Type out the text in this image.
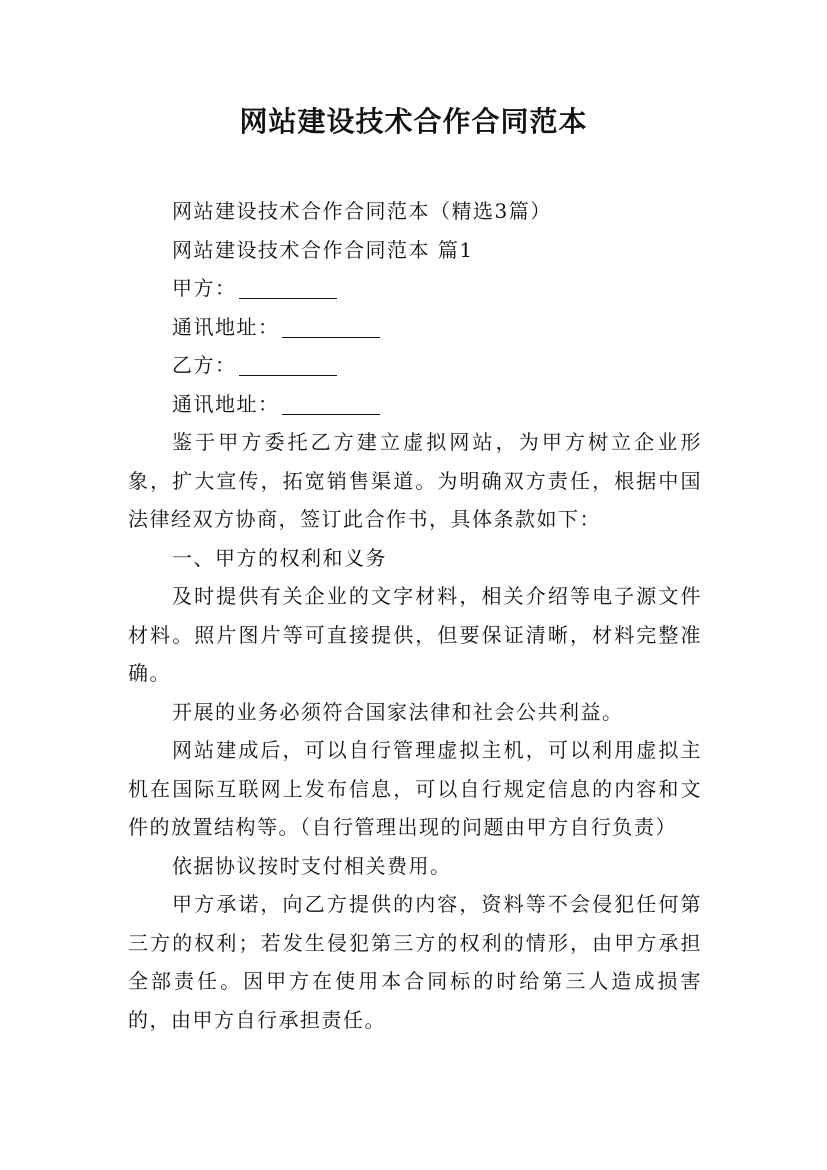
网站建设技术合作合同范本

网站建设技术合作合同范本（精选3篇）

网站建设技术合作合同范本 篇1

甲方：

通讯地址：

乙方：

通讯地址：

鉴于甲方委托乙方建立虚拟网站，为甲方树立企业形象，扩大宣传，拓宽销售渠道。为明确双方责任，根据中国法律经双方协商，签订此合作书，具体条款如下：

一、甲方的权利和义务

及时提供有关企业的文字材料，相关介绍等电子源文件材料。照片图片等可直接提供，但要保证清晰，材料完整准确。

开展的业务必须符合国家法律和社会公共利益。

网站建成后，可以自行管理虚拟主机，可以利用虚拟主机在国际互联网上发布信息，可以自行规定信息的内容和文件的放置结构等。（自行管理出现的问题由甲方自行负责）

依据协议按时支付相关费用。

甲方承诺，向乙方提供的内容，资料等不会侵犯任何第三方的权利；若发生侵犯第三方的权利的情形，由甲方承担全部责任。因甲方在使用本合同标的时给第三人造成损害的，由甲方自行承担责任。
